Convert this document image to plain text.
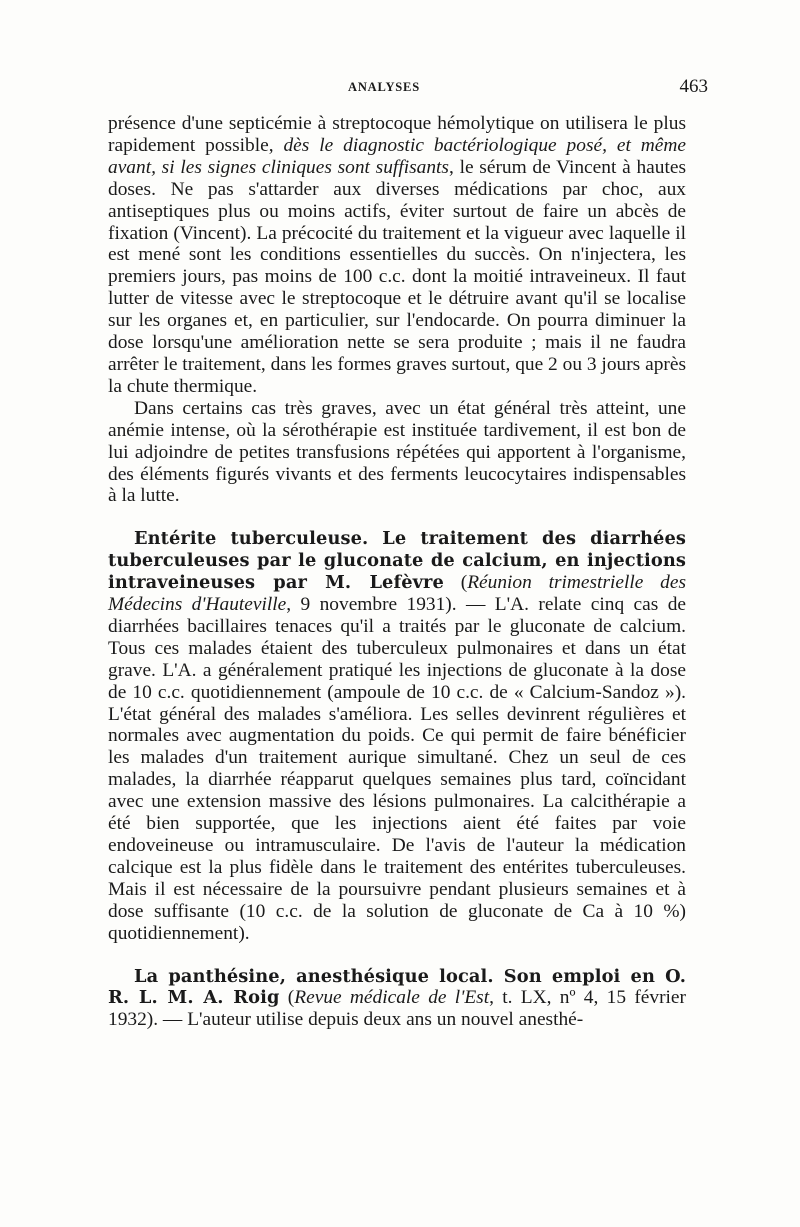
ANALYSES	463

présence d'une septicémie à streptocoque hémolytique on utilisera le plus rapidement possible, dès le diagnostic bactériologique posé, et même avant, si les signes cliniques sont suffisants, le sérum de Vincent à hautes doses. Ne pas s'attarder aux diverses médications par choc, aux antiseptiques plus ou moins actifs, éviter surtout de faire un abcès de fixation (Vincent). La précocité du traitement et la vigueur avec laquelle il est mené sont les conditions essentielles du succès. On n'injectera, les premiers jours, pas moins de 100 c.c. dont la moitié intraveineux. Il faut lutter de vitesse avec le streptocoque et le détruire avant qu'il se localise sur les organes et, en particulier, sur l'endocarde. On pourra diminuer la dose lorsqu'une amélioration nette se sera produite ; mais il ne faudra arrêter le traitement, dans les formes graves surtout, que 2 ou 3 jours après la chute thermique.

Dans certains cas très graves, avec un état général très atteint, une anémie intense, où la sérothérapie est instituée tardivement, il est bon de lui adjoindre de petites transfusions répétées qui apportent à l'organisme, des éléments figurés vivants et des ferments leucocytaires indispensables à la lutte.

Entérite tuberculeuse. Le traitement des diarrhées tuberculeuses par le gluconate de calcium, en injections intraveineuses par M. Lefèvre (Réunion trimestrielle des Médecins d'Hauteville, 9 novembre 1931). — L'A. relate cinq cas de diarrhées bacillaires tenaces qu'il a traités par le gluconate de calcium. Tous ces malades étaient des tuberculeux pulmonaires et dans un état grave. L'A. a généralement pratiqué les injections de gluconate à la dose de 10 c.c. quotidiennement (ampoule de 10 c.c. de « Calcium-Sandoz »). L'état général des malades s'améliora. Les selles devinrent régulières et normales avec augmentation du poids. Ce qui permit de faire bénéficier les malades d'un traitement aurique simultané. Chez un seul de ces malades, la diarrhée réapparut quelques semaines plus tard, coïncidant avec une extension massive des lésions pulmonaires. La calcithérapie a été bien supportée, que les injections aient été faites par voie endoveineuse ou intramusculaire. De l'avis de l'auteur la médication calcique est la plus fidèle dans le traitement des entérites tuberculeuses. Mais il est nécessaire de la poursuivre pendant plusieurs semaines et à dose suffisante (10 c.c. de la solution de gluconate de Ca à 10 %) quotidiennement).

La panthésine, anesthésique local. Son emploi en O. R. L. M. A. Roig (Revue médicale de l'Est, t. LX, nº 4, 15 février 1932). — L'auteur utilise depuis deux ans un nouvel anesthé-
